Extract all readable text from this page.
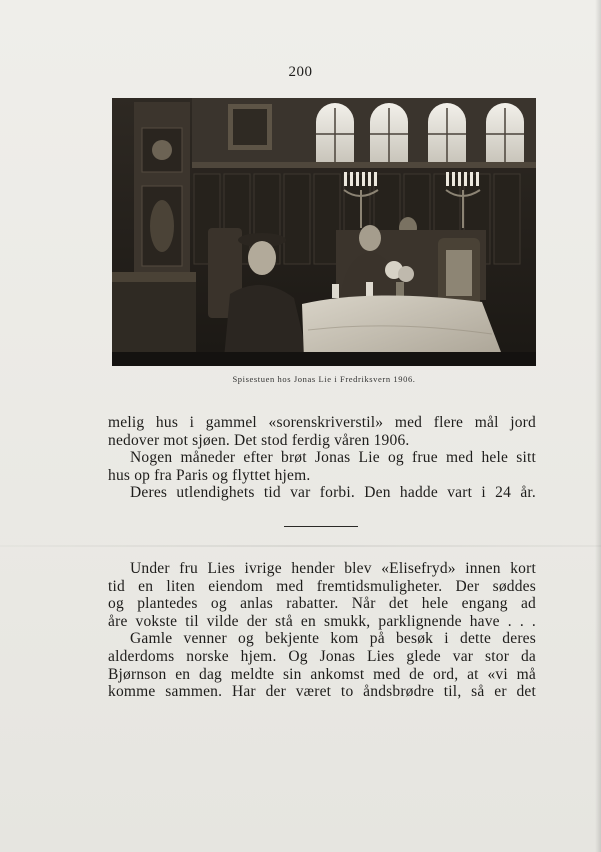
200
Spisestuen hos Jonas Lie i Fredriksvern 1906.
melig hus i gammel «sorenskriverstil» med flere mål jord
nedover mot sjøen. Det stod ferdig våren 1906.
Nogen måneder efter brøt Jonas Lie og frue med hele sitt
hus op fra Paris og flyttet hjem.
Deres utlendighets tid var forbi. Den hadde vart i 24 år.
Under fru Lies ivrige hender blev «Elisefryd» innen kort
tid en liten eiendom med fremtidsmuligheter. Der søddes
og plantedes og anlas rabatter. Når det hele engang ad
åre vokste til vilde der stå en smukk, parklignende have . . .
Gamle venner og bekjente kom på besøk i dette deres
alderdoms norske hjem. Og Jonas Lies glede var stor da
Bjørnson en dag meldte sin ankomst med de ord, at «vi må
komme sammen. Har der været to åndsbrødre til, så er det
